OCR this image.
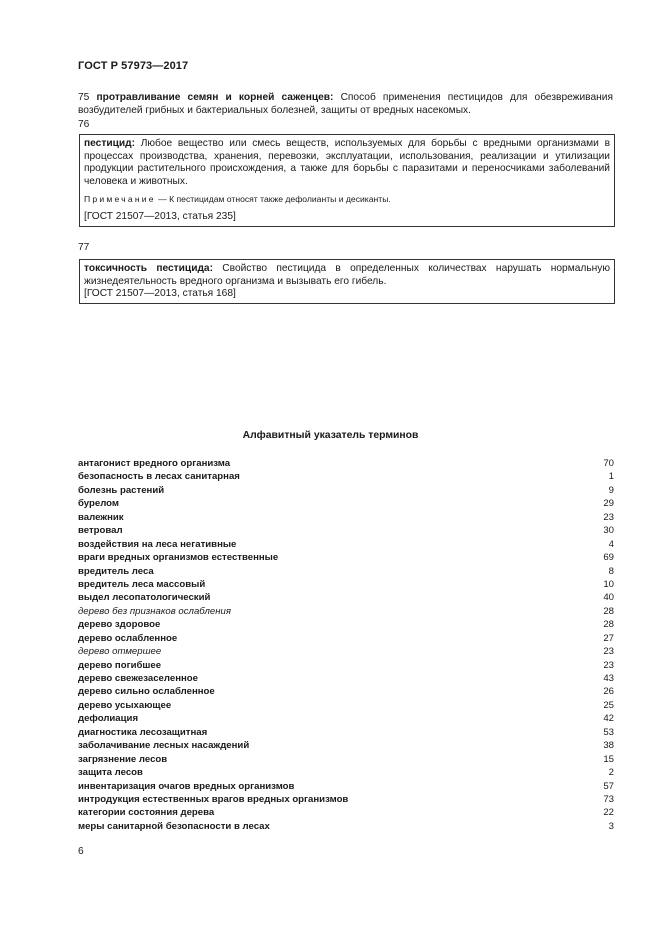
ГОСТ Р 57973—2017
75 протравливание семян и корней саженцев: Способ применения пестицидов для обезвреживания возбудителей грибных и бактериальных болезней, защиты от вредных насекомых.
76
пестицид: Любое вещество или смесь веществ, используемых для борьбы с вредными организмами в процессах производства, хранения, перевозки, эксплуатации, использования, реализации и утилизации продукции растительного происхождения, а также для борьбы с паразитами и переносчиками заболеваний человека и животных.
Примечание — К пестицидам относят также дефолианты и десиканты.
[ГОСТ 21507—2013, статья 235]
77
токсичность пестицида: Свойство пестицида в определенных количествах нарушать нормальную жизнедеятельность вредного организма и вызывать его гибель.
[ГОСТ 21507—2013, статья 168]
Алфавитный указатель терминов
антагонист вредного организма	70
безопасность в лесах санитарная	1
болезнь растений	9
бурелом	29
валежник	23
ветровал	30
воздействия на леса негативные	4
враги вредных организмов естественные	69
вредитель леса	8
вредитель леса массовый	10
выдел лесопатологический	40
дерево без признаков ослабления	28
дерево здоровое	28
дерево ослабленное	27
дерево отмершее	23
дерево погибшее	23
дерево свежезаселенное	43
дерево сильно ослабленное	26
дерево усыхающее	25
дефолиация	42
диагностика лесозащитная	53
заболачивание лесных насаждений	38
загрязнение лесов	15
защита лесов	2
инвентаризация очагов вредных организмов	57
интродукция естественных врагов вредных организмов	73
категории состояния дерева	22
меры санитарной безопасности в лесах	3
6
